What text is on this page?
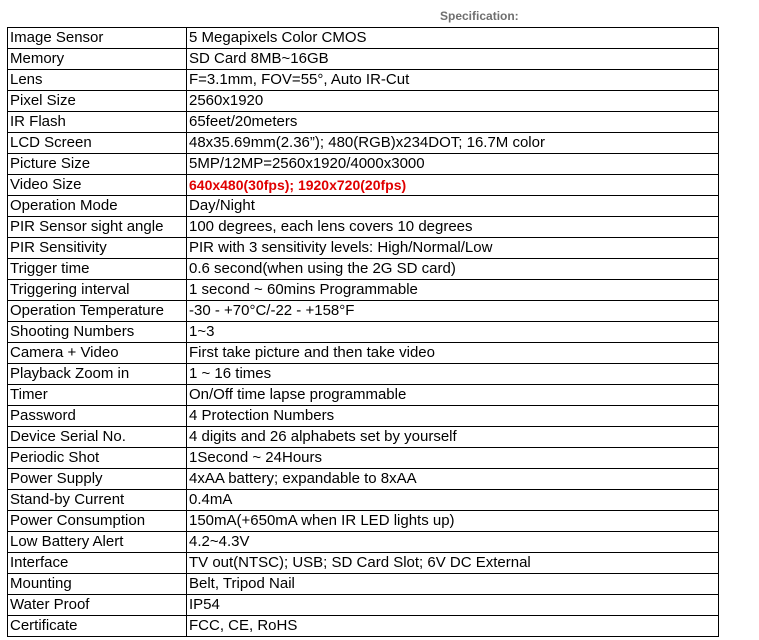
Specification:
Image Sensor	5 Megapixels Color CMOS
Memory	SD Card 8MB~16GB
Lens	F=3.1mm, FOV=55°, Auto IR-Cut
Pixel Size	2560x1920
IR Flash	65feet/20meters
LCD Screen	48x35.69mm(2.36”); 480(RGB)x234DOT; 16.7M color
Picture Size	5MP/12MP=2560x1920/4000x3000
Video Size	640x480(30fps); 1920x720(20fps)
Operation Mode	Day/Night
PIR Sensor sight angle	100 degrees, each lens covers 10 degrees
PIR Sensitivity	PIR with 3 sensitivity levels: High/Normal/Low
Trigger time	0.6 second(when using the 2G SD card)
Triggering interval	1 second ~ 60mins Programmable
Operation Temperature	-30 - +70°C/-22 - +158°F
Shooting Numbers	1~3
Camera + Video	First take picture and then take video
Playback Zoom in	1 ~ 16 times
Timer	On/Off time lapse programmable
Password	4 Protection Numbers
Device Serial No.	4 digits and 26 alphabets set by yourself
Periodic Shot	1Second ~ 24Hours
Power Supply	4xAA battery; expandable to 8xAA
Stand-by Current	0.4mA
Power Consumption	150mA(+650mA when IR LED lights up)
Low Battery Alert	4.2~4.3V
Interface	TV out(NTSC); USB; SD Card Slot; 6V DC External
Mounting	Belt, Tripod Nail
Water Proof	IP54
Certificate	FCC, CE, RoHS
